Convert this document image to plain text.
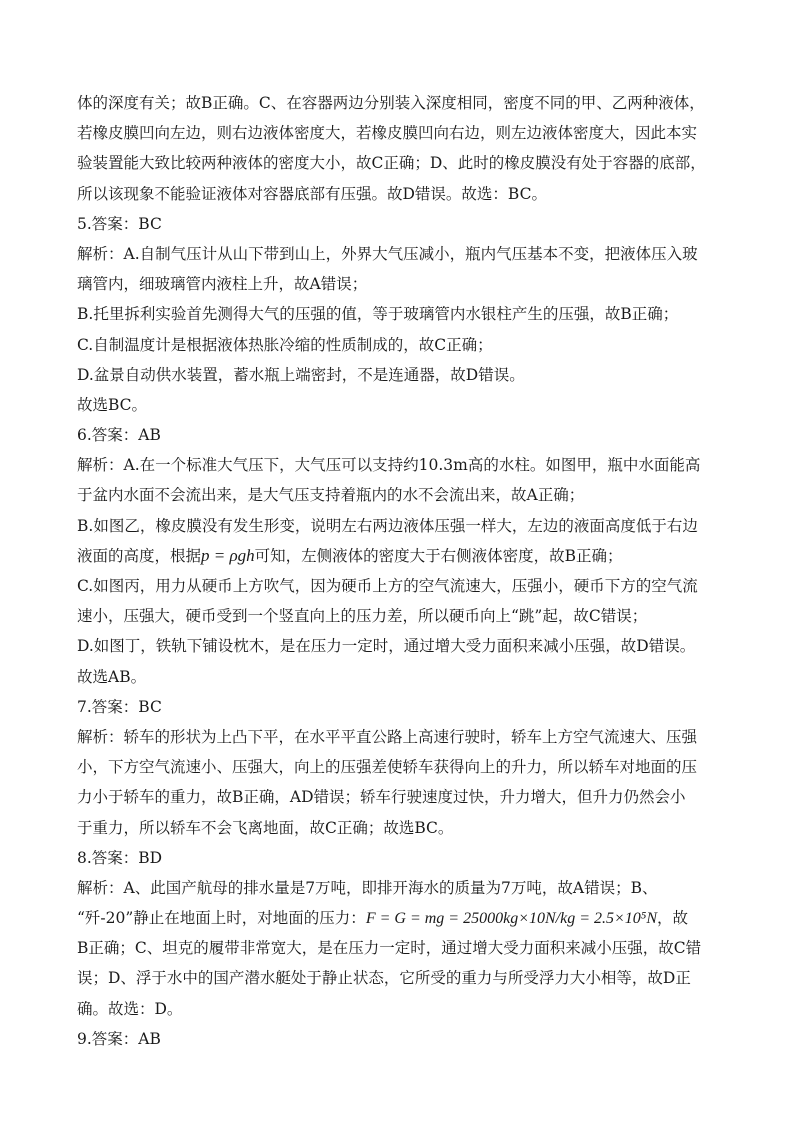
体的深度有关；故B正确。C、在容器两边分别装入深度相同，密度不同的甲、乙两种液体，
若橡皮膜凹向左边，则右边液体密度大，若橡皮膜凹向右边，则左边液体密度大，因此本实
验装置能大致比较两种液体的密度大小，故C正确；D、此时的橡皮膜没有处于容器的底部，
所以该现象不能验证液体对容器底部有压强。故D错误。故选：BC。
5.答案：BC
解析：A.自制气压计从山下带到山上，外界大气压减小，瓶内气压基本不变，把液体压入玻
璃管内，细玻璃管内液柱上升，故A错误；
B.托里拆利实验首先测得大气的压强的值，等于玻璃管内水银柱产生的压强，故B正确；
C.自制温度计是根据液体热胀冷缩的性质制成的，故C正确；
D.盆景自动供水装置，蓄水瓶上端密封，不是连通器，故D错误。
故选BC。
6.答案：AB
解析：A.在一个标准大气压下，大气压可以支持约10.3m高的水柱。如图甲，瓶中水面能高
于盆内水面不会流出来，是大气压支持着瓶内的水不会流出来，故A正确；
B.如图乙，橡皮膜没有发生形变，说明左右两边液体压强一样大，左边的液面高度低于右边
液面的高度，根据p = ρgh可知，左侧液体的密度大于右侧液体密度，故B正确；
C.如图丙，用力从硬币上方吹气，因为硬币上方的空气流速大，压强小，硬币下方的空气流
速小，压强大，硬币受到一个竖直向上的压力差，所以硬币向上“跳”起，故C错误；
D.如图丁，铁轨下铺设枕木，是在压力一定时，通过增大受力面积来减小压强，故D错误。
故选AB。
7.答案：BC
解析：轿车的形状为上凸下平，在水平平直公路上高速行驶时，轿车上方空气流速大、压强
小，下方空气流速小、压强大，向上的压强差使轿车获得向上的升力，所以轿车对地面的压
力小于轿车的重力，故B正确，AD错误；轿车行驶速度过快，升力增大，但升力仍然会小
于重力，所以轿车不会飞离地面，故C正确；故选BC。
8.答案：BD
解析：A、此国产航母的排水量是7万吨，即排开海水的质量为7万吨，故A错误；B、
“歼-20”静止在地面上时，对地面的压力：F = G = mg = 25000kg×10N/kg = 2.5×10⁵N，故
B正确；C、坦克的履带非常宽大，是在压力一定时，通过增大受力面积来减小压强，故C错
误；D、浮于水中的国产潜水艇处于静止状态，它所受的重力与所受浮力大小相等，故D正
确。故选：D。
9.答案：AB
